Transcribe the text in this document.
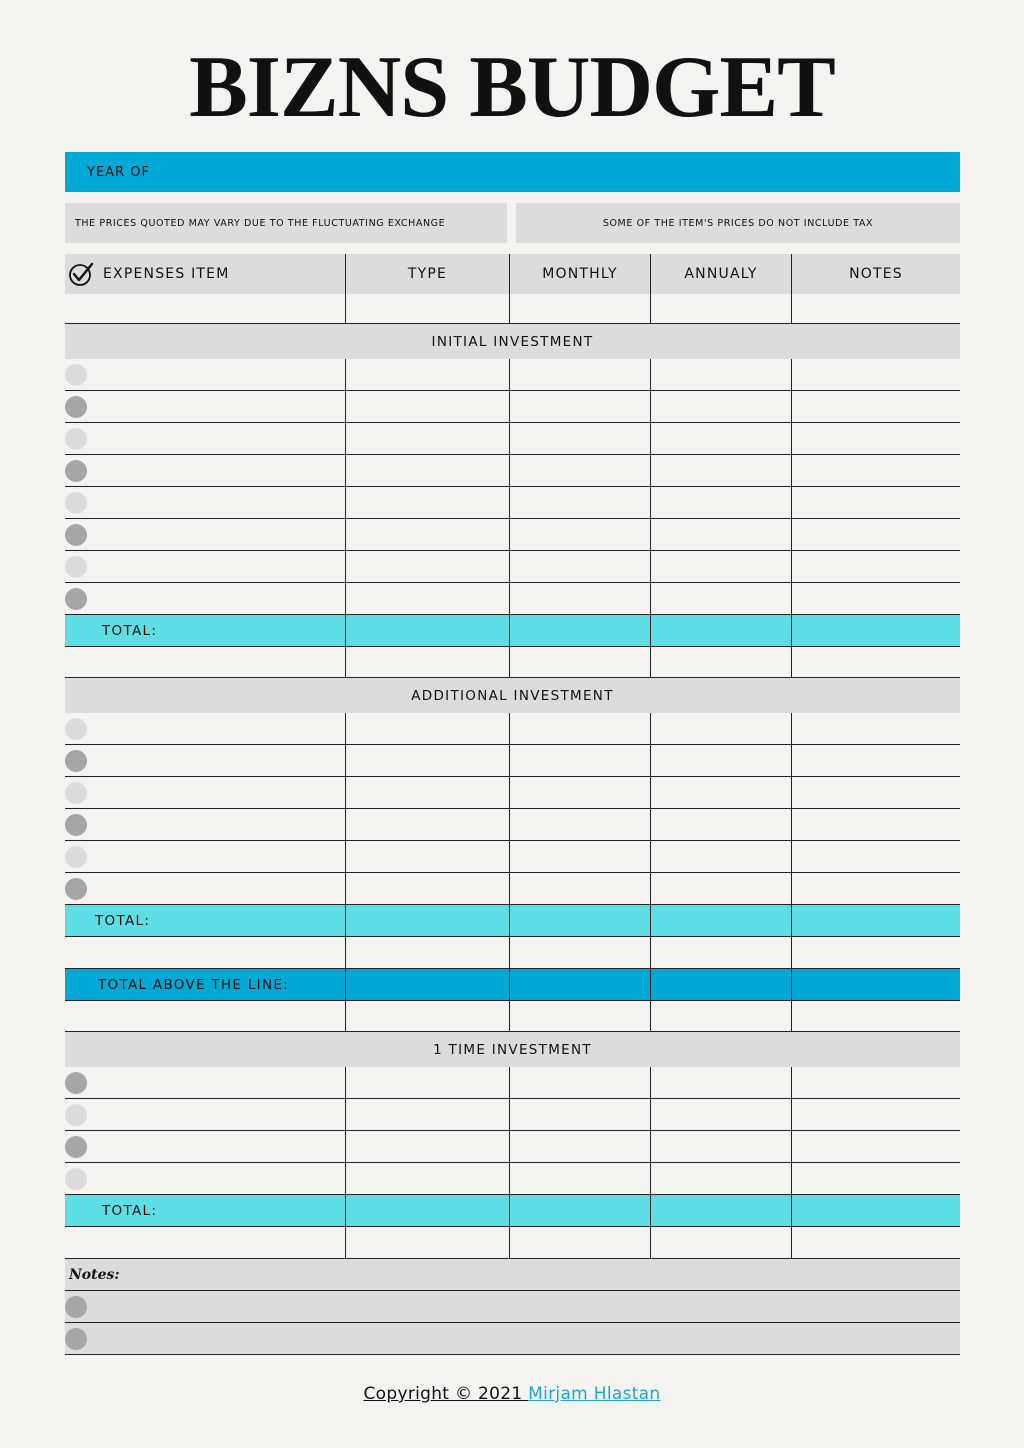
BIZNS BUDGET
YEAR OF
THE PRICES QUOTED MAY VARY DUE TO THE FLUCTUATING EXCHANGE	SOME OF THE ITEM'S PRICES DO NOT INCLUDE TAX
EXPENSES ITEM	TYPE	MONTHLY	ANNUALY	NOTES
INITIAL INVESTMENT
TOTAL:
ADDITIONAL INVESTMENT
TOTAL:
TOTAL ABOVE THE LINE:
1 TIME INVESTMENT
TOTAL:
Notes:
Copyright © 2021 Mirjam Hlastan
